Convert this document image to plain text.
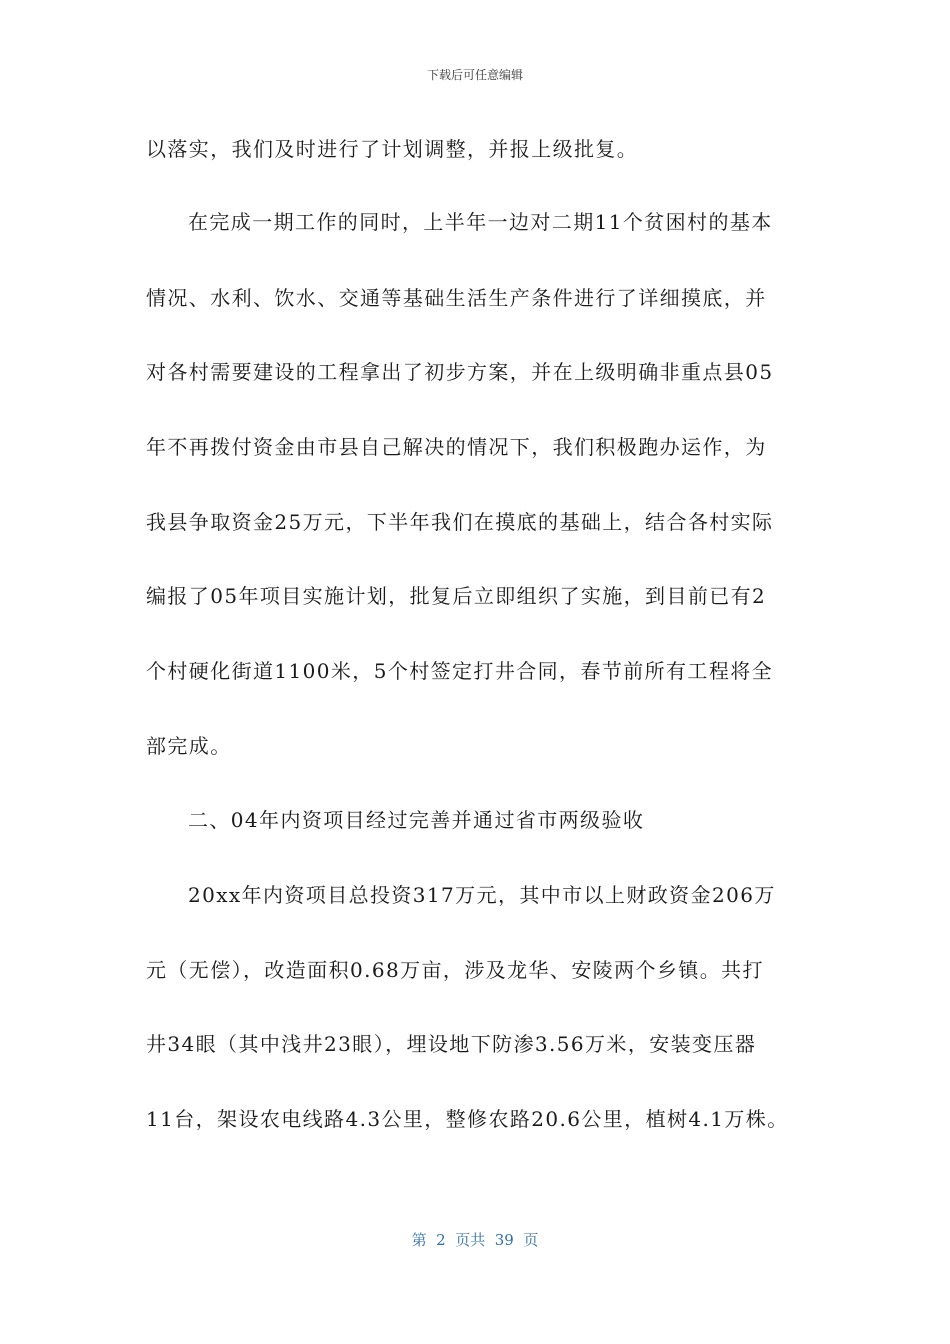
下载后可任意编辑
以落实，我们及时进行了计划调整，并报上级批复。
在完成一期工作的同时，上半年一边对二期11个贫困村的基本
情况、水利、饮水、交通等基础生活生产条件进行了详细摸底，并
对各村需要建设的工程拿出了初步方案，并在上级明确非重点县05
年不再拨付资金由市县自己解决的情况下，我们积极跑办运作，为
我县争取资金25万元，下半年我们在摸底的基础上，结合各村实际
编报了05年项目实施计划，批复后立即组织了实施，到目前已有2
个村硬化街道1100米，5个村签定打井合同，春节前所有工程将全
部完成。
二、04年内资项目经过完善并通过省市两级验收
20xx年内资项目总投资317万元，其中市以上财政资金206万
元（无偿），改造面积0.68万亩，涉及龙华、安陵两个乡镇。共打
井34眼（其中浅井23眼），埋设地下防渗3.56万米，安装变压器
11台，架设农电线路4.3公里，整修农路20.6公里，植树4.1万株。
第  2  页共  39  页
